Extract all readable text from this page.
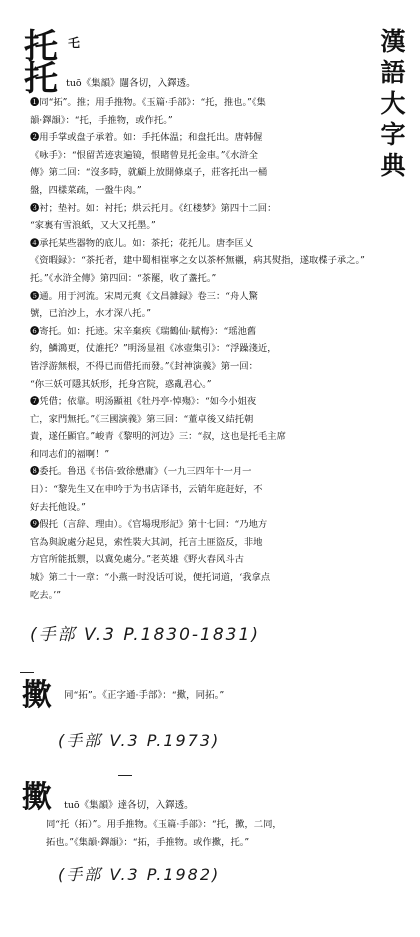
漢語大字典
乇
托
托 tuō《集韻》闥各切，入鐸透。
❶同“拓”。推；用手推物。《玉篇·手部》：“托，推也。”《集
韻·鐸韻》：“托，手推物，或作托。”
❷用手掌或盘子承着。如：手托体温；和盘托出。唐韩偓
《咏手》：“恨留苦迹衷遍镜，恨睹曾見托金車。”《水浒全
傳》第二回：“沒多時，就顧上放開條桌子，莊客托出一桶
盤，四樣菜疏，一盤牛肉。”
❸衬；垫衬。如：衬托；烘云托月。《红楼梦》第四十二回：
“家裏有雪浪紙，又大又托墨。”
❹承托某些器物的底儿。如：茶托；花托儿。唐李匡乂
《资暇録》：“茶托者，建中蜀相崔寧之女以茶杯無襯，病其熨指，遂取楪子承之。”
托。”《水浒全傳》第四回：“茶罷，收了盞托。”
❺通。用于河流。宋周元爽《文昌雜録》卷三：“舟人驚
號，已泊沙上，水才深八托。”
❻寄托。如：托迹。宋辛棄疾《瑞鶴仙·賦梅》：“瑶池舊
約，鱗鴻更，仗誰托？”明汤显祖《冰壺集引》：“浮躁淺近，
皆浮游無根，不得已而借托而發。”《封神演義》第一回：
“你三妖可隱其妖形，托身宫院，惑亂君心。”
❼凭借；依靠。明汤顯祖《牡丹亭·悼殤》：“如今小姐夜
亡，家門無托。”《三國演義》第三回：“董卓後又結托朝
貴，遂任顯官。”峻青《黎明的河边》三：“叔，这也是托毛主席
和同志们的福啊！”
❽委托。鲁迅《书信·致徐懋庸》（一九三四年十一月一
日）：“黎先生又在申吟于为书店译书，云销年庭赶好，不
好去托他设。”
❾假托（言辞、理由）。《官場現形記》第十七回：“乃地方
官為與說處分起見，索性裝大其詞，托言土匪盜反，非地
方官所能抵禦，以冀免處分。”老英雄《野火春风斗古
城》第二十一章：“小燕一时没话可说，便托词道，‘我拿点
吃去。’”
(手部 V.3 P.1830-1831)
擹 同“拓”。《正字通·手部》：“擹，同拓。”
(手部 V.3 P.1973)
擹 tuō《集韻》達各切，入鐸透。
同“托（拓）”。用手推物。《玉篇·手部》：“托，擹，二同，
拓也。”《集韻·鐸韻》：“拓，手推物。或作擹，托。”
(手部 V.3 P.1982)
